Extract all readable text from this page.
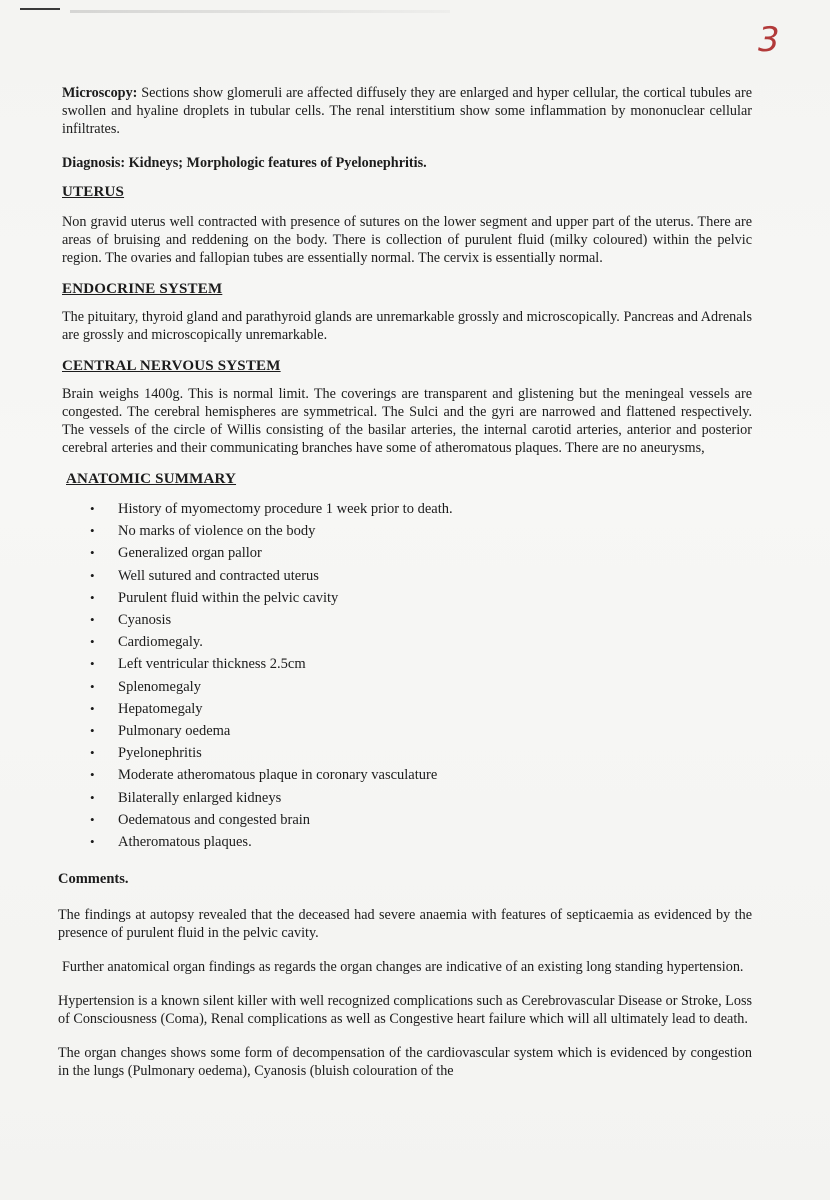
3

Microscopy: Sections show glomeruli are affected diffusely they are enlarged and hyper cellular, the cortical tubules are swollen and hyaline droplets in tubular cells. The renal interstitium show some inflammation by mononuclear cellular infiltrates.

Diagnosis: Kidneys; Morphologic features of Pyelonephritis.

UTERUS

Non gravid uterus well contracted with presence of sutures on the lower segment and upper part of the uterus. There are areas of bruising and reddening on the body. There is collection of purulent fluid (milky coloured) within the pelvic region. The ovaries and fallopian tubes are essentially normal. The cervix is essentially normal.

ENDOCRINE SYSTEM

The pituitary, thyroid gland and parathyroid glands are unremarkable grossly and microscopically. Pancreas and Adrenals are grossly and microscopically unremarkable.

CENTRAL NERVOUS SYSTEM

Brain weighs 1400g. This is normal limit. The coverings are transparent and glistening but the meningeal vessels are congested. The cerebral hemispheres are symmetrical. The Sulci and the gyri are narrowed and flattened respectively. The vessels of the circle of Willis consisting of the basilar arteries, the internal carotid arteries, anterior and posterior cerebral arteries and their communicating branches have some of atheromatous plaques. There are no aneurysms,

ANATOMIC SUMMARY

• History of myomectomy procedure 1 week prior to death.
• No marks of violence on the body
• Generalized organ pallor
• Well sutured and contracted uterus
• Purulent fluid within the pelvic cavity
• Cyanosis
• Cardiomegaly.
• Left ventricular thickness 2.5cm
• Splenomegaly
• Hepatomegaly
• Pulmonary oedema
• Pyelonephritis
• Moderate atheromatous plaque in coronary vasculature
• Bilaterally enlarged kidneys
• Oedematous and congested brain
• Atheromatous plaques.

Comments.

The findings at autopsy revealed that the deceased had severe anaemia with features of septicaemia as evidenced by the presence of purulent fluid in the pelvic cavity.

Further anatomical organ findings as regards the organ changes are indicative of an existing long standing hypertension.

Hypertension is a known silent killer with well recognized complications such as Cerebrovascular Disease or Stroke, Loss of Consciousness (Coma), Renal complications as well as Congestive heart failure which will all ultimately lead to death.

The organ changes shows some form of decompensation of the cardiovascular system which is evidenced by congestion in the lungs (Pulmonary oedema), Cyanosis (bluish colouration of the
